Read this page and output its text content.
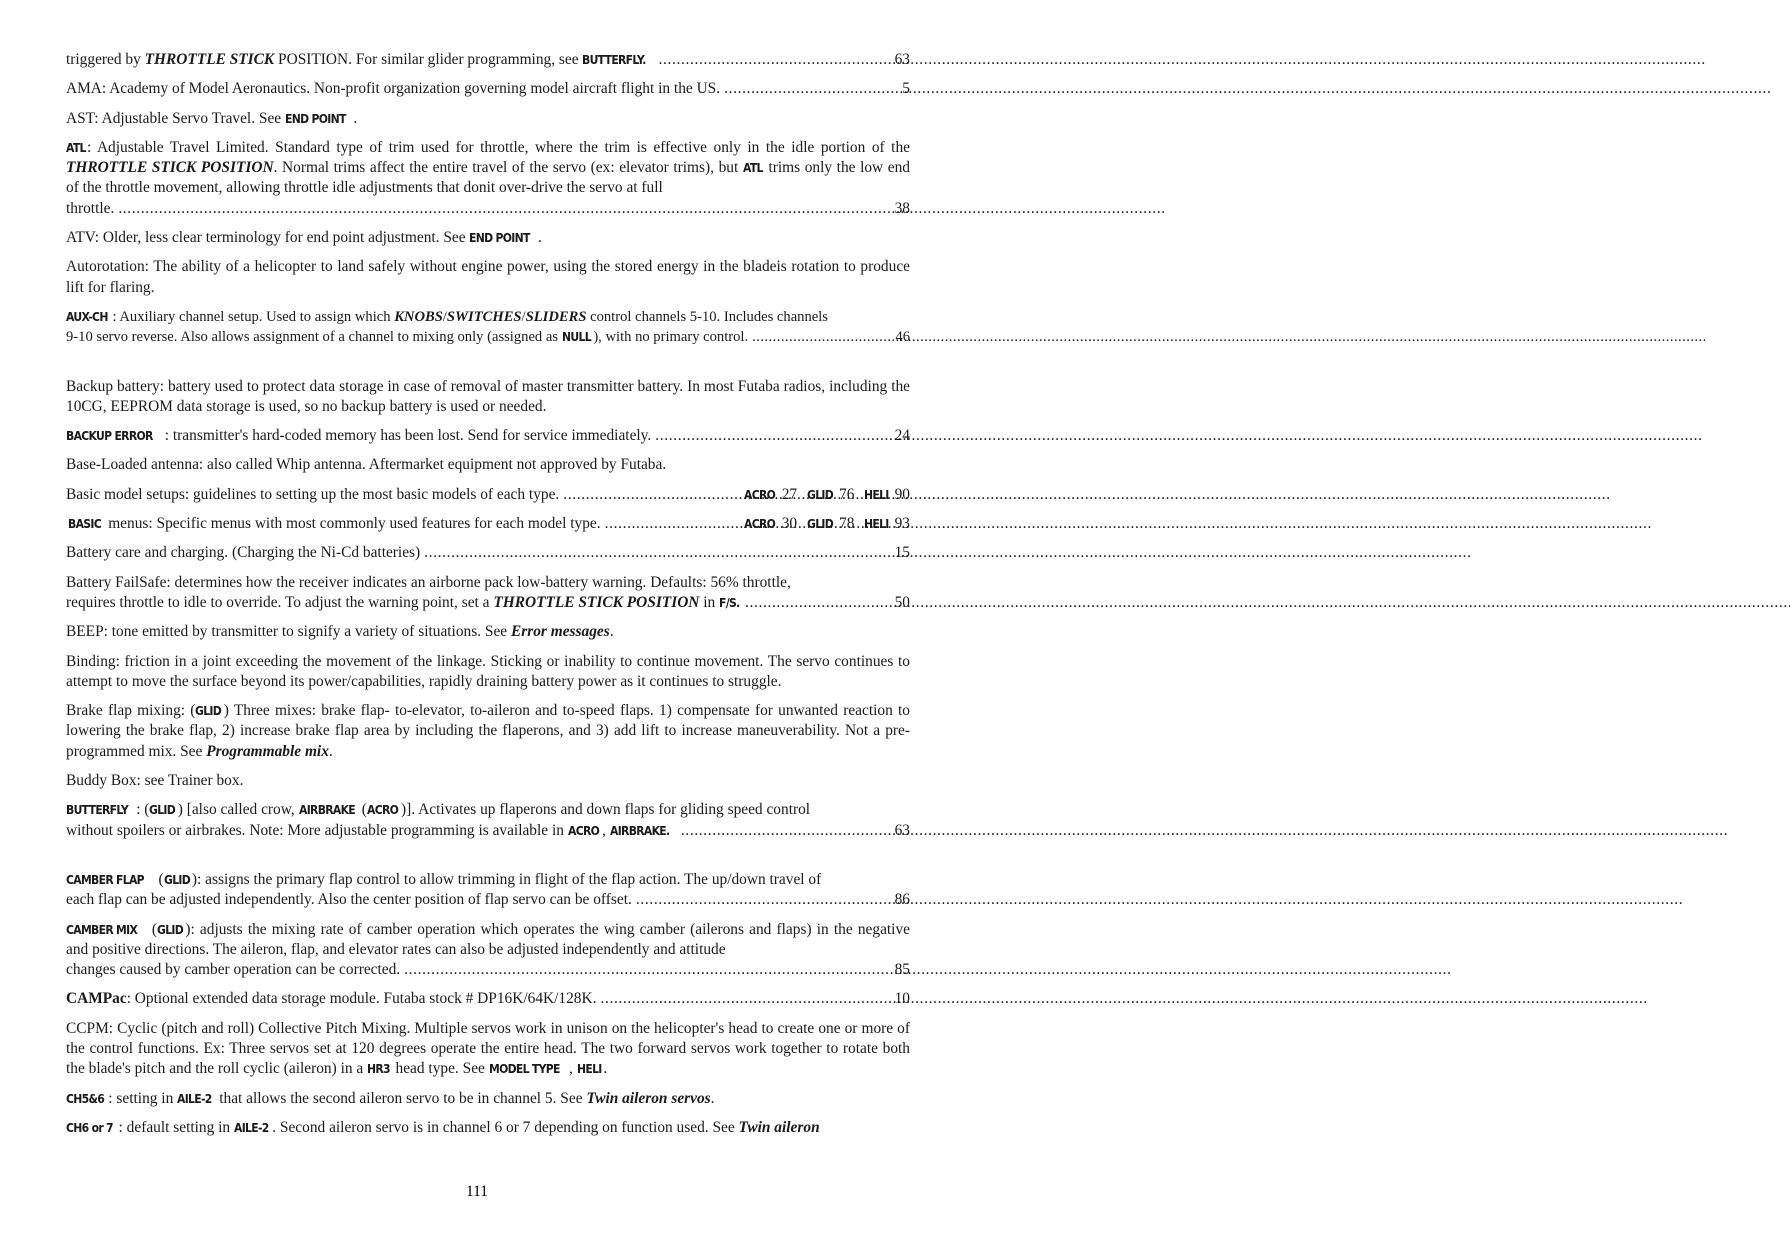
triggered by THROTTLE STICK POSITION. For similar glider programming, see BUTTERFLY. . . .	63
AMA: Academy of Model Aeronautics. Non-profit organization governing model aircraft flight in the US. . . .	5
AST: Adjustable Servo Travel. See END POINT .
ATL: Adjustable Travel Limited. Standard type of trim used for throttle, where the trim is effective only in the idle portion of the THROTTLE STICK POSITION. Normal trims affect the entire travel of the servo (ex: elevator trims), but ATL trims only the low end of the throttle movement, allowing throttle idle adjustments that donit over-drive the servo at full
throttle. . . .	38
ATV: Older, less clear terminology for end point adjustment. See END POINT .
Autorotation: The ability of a helicopter to land safely without engine power, using the stored energy in the bladeis rotation to produce lift for flaring.
AUX-CH : Auxiliary channel setup. Used to assign which KNOBS/SWITCHES/SLIDERS control channels 5-10. Includes channels
9-10 servo reverse. Also allows assignment of a channel to mixing only (assigned as NULL ), with no primary control. . . .	46
Backup battery: battery used to protect data storage in case of removal of master transmitter battery. In most Futaba radios, including the 10CG, EEPROM data storage is used, so no backup battery is used or needed.
BACKUP ERROR : transmitter's hard-coded memory has been lost. Send for service immediately. . . .	24
Base-Loaded antenna: also called Whip antenna. Aftermarket equipment not approved by Futaba.
Basic model setups: guidelines to setting up the most basic models of each type. . . .	ACRO 27 GLID 76 HELI 90
BASIC menus: Specific menus with most commonly used features for each model type. . . .	ACRO 30 GLID 78 HELI 93
Battery care and charging. (Charging the Ni-Cd batteries) . . .	15
Battery FailSafe: determines how the receiver indicates an airborne pack low-battery warning. Defaults: 56% throttle,
requires throttle to idle to override. To adjust the warning point, set a THROTTLE STICK POSITION in F/S. . . .	50
BEEP: tone emitted by transmitter to signify a variety of situations. See Error messages.
Binding: friction in a joint exceeding the movement of the linkage. Sticking or inability to continue movement. The servo continues to attempt to move the surface beyond its power/capabilities, rapidly draining battery power as it continues to struggle.
Brake flap mixing: (GLID ) Three mixes: brake flap- to-elevator, to-aileron and to-speed flaps. 1) compensate for unwanted reaction to lowering the brake flap, 2) increase brake flap area by including the flaperons, and 3) add lift to increase maneuverability. Not a pre-programmed mix. See Programmable mix.
Buddy Box: see Trainer box.
BUTTERFLY : (GLID ) [also called crow, AIRBRAKE (ACRO )]. Activates up flaperons and down flaps for gliding speed control
without spoilers or airbrakes. Note: More adjustable programming is available in ACRO , AIRBRAKE. . . .	63
CAMBER FLAP (GLID ): assigns the primary flap control to allow trimming in flight of the flap action. The up/down travel of
each flap can be adjusted independently. Also the center position of flap servo can be offset. . . .	86
CAMBER MIX (GLID ): adjusts the mixing rate of camber operation which operates the wing camber (ailerons and flaps) in the negative and positive directions. The aileron, flap, and elevator rates can also be adjusted independently and attitude
changes caused by camber operation can be corrected. . . .	85
CAMPac: Optional extended data storage module. Futaba stock # DP16K/64K/128K. . . .	10
CCPM: Cyclic (pitch and roll) Collective Pitch Mixing. Multiple servos work in unison on the helicopter's head to create one or more of the control functions. Ex: Three servos set at 120 degrees operate the entire head. The two forward servos work together to rotate both the blade's pitch and the roll cyclic (aileron) in a HR3 head type. See MODEL TYPE , HELI .
CH5&6 : setting in AILE-2 that allows the second aileron servo to be in channel 5. See Twin aileron servos.
CH6 or 7 : default setting in AILE-2 . Second aileron servo is in channel 6 or 7 depending on function used. See Twin aileron
111
